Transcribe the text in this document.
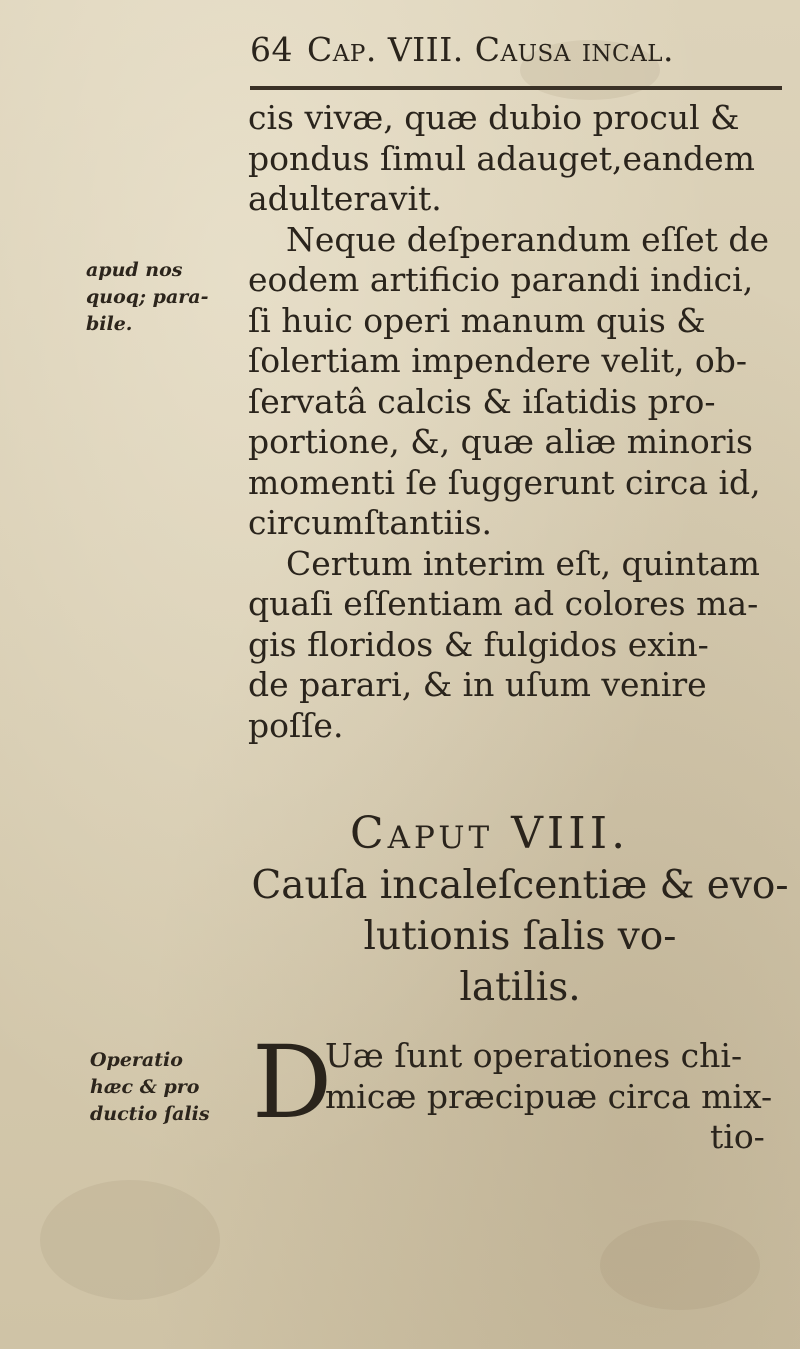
64 Cap. VIII. Causa incal.
cis vivæ, quæ dubio procul &
pondus ſimul adauget,eandem
adulteravit.
Neque deſperandum eſſet de
eodem artificio parandi indici,
ſi huic operi manum quis &
ſolertiam impendere velit, ob-
ſervatâ calcis & iſatidis pro-
portione, &, quæ aliæ minoris
momenti ſe ſuggerunt circa id,
circumſtantiis.
Certum interim eſt, quintam
quaſi eſſentiam ad colores ma-
gis floridos & fulgidos exin-
de parari, & in uſum venire
poſſe.
Caput VIII.
Cauſa incaleſcentiæ & evo-
lutionis ſalis vo-
latilis.
D
Uæ ſunt operationes chi-
micæ præcipuæ circa mix-
tio-
apud nos
quoq; para-
bile.
Operatio
hæc & pro
ductio ſalis
